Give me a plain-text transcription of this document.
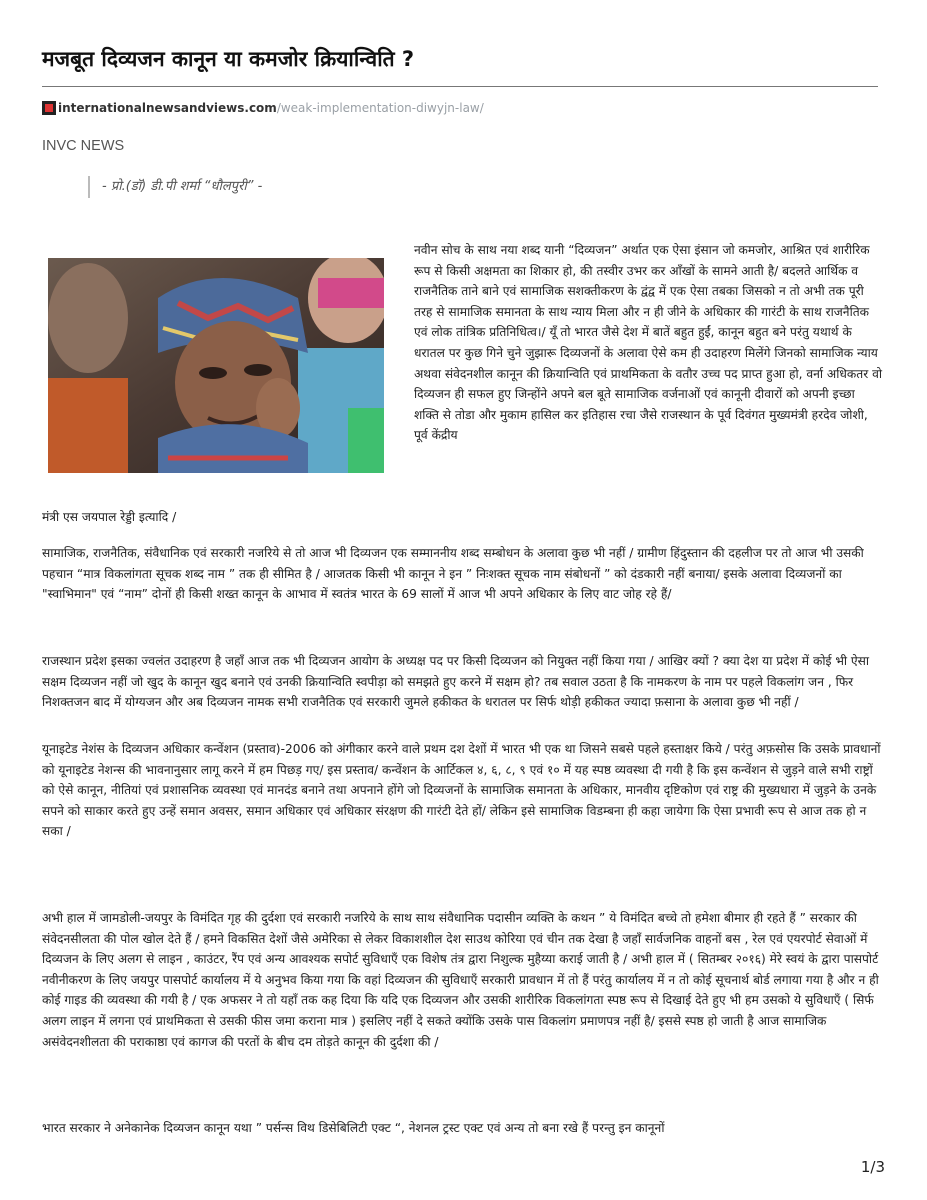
मजबूत दिव्यजन कानून या कमजोर क्रियान्विति ?
internationalnewsandviews.com /weak-implementation-diwyjn-law/
INVC NEWS
- प्रो.(डॉ) डी.पी शर्मा “धौलपुरी” -

नवीन सोच के साथ नया शब्द यानी “दिव्यजन” अर्थात एक ऐसा इंसान जो कमजोर, आश्रित एवं शारीरिक रूप से किसी अक्षमता का शिकार हो, की तस्वीर उभर कर आँखों के सामने आती है/ बदलते आर्थिक व राजनैतिक ताने बाने एवं सामाजिक सशक्तीकरण के द्वंद्व में एक ऐसा तबका जिसको न तो अभी तक पूरी तरह से सामाजिक समानता के साथ न्याय मिला और न ही जीने के अधिकार की गारंटी के साथ राजनैतिक एवं लोक तांत्रिक प्रतिनिधित्व।/ यूँ तो भारत जैसे देश में बातें बहुत हुईं, कानून बहुत बने परंतु यथार्थ के धरातल पर कुछ गिने चुने जुझारू दिव्यजनों के अलावा ऐसे कम ही उदाहरण मिलेंगे जिनको सामाजिक न्याय अथवा संवेदनशील कानून की क्रियान्विति एवं प्राथमिकता के वतौर उच्च पद प्राप्त हुआ हो, वर्ना अधिकतर वो दिव्यजन ही सफल हुए जिन्होंने अपने बल बूते सामाजिक वर्जनाओं एवं कानूनी दीवारों को अपनी इच्छा शक्ति से तोडा और मुकाम हासिल कर इतिहास रचा जैसे राजस्थान के पूर्व दिवंगत मुख्यमंत्री हरदेव जोशी, पूर्व केंद्रीय

मंत्री एस जयपाल रेड्डी इत्यादि /

सामाजिक, राजनैतिक, संवैधानिक एवं सरकारी नजरिये से तो आज भी दिव्यजन एक सम्माननीय शब्द सम्बोधन के अलावा कुछ भी नहीं / ग्रामीण हिंदुस्तान की दहलीज पर तो आज भी उसकी पहचान “मात्र विकलांगता सूचक शब्द नाम ” तक ही सीमित है / आजतक किसी भी कानून ने इन ” निःशक्त सूचक नाम संबोधनों ” को दंडकारी नहीं बनाया/ इसके अलावा दिव्यजनों का "स्वाभिमान" एवं “नाम” दोनों ही किसी शख्त कानून के आभाव में स्वतंत्र भारत के 69 सालों में आज भी अपने अधिकार के लिए वाट जोह रहे हैं/

राजस्थान प्रदेश इसका ज्वलंत उदाहरण है जहाँ आज तक भी दिव्यजन आयोग के अध्यक्ष पद पर किसी दिव्यजन को नियुक्त नहीं किया गया / आखिर क्यों ? क्या देश या प्रदेश में कोई भी ऐसा सक्षम दिव्यजन नहीं जो खुद के कानून खुद बनाने एवं उनकी क्रियान्विति स्वपीड़ा को समझते हुए करने में सक्षम हो? तब सवाल उठता है कि नामकरण के नाम पर पहले विकलांग जन , फिर निशक्तजन बाद में योग्यजन और अब दिव्यजन नामक सभी राजनैतिक एवं सरकारी जुमले हकीकत के धरातल पर सिर्फ थोड़ी हकीकत ज्यादा फ़साना के अलावा कुछ भी नहीं /

यूनाइटेड नेशंस के दिव्यजन अधिकार कन्वेंशन (प्रस्ताव)-2006 को अंगीकार करने वाले प्रथम दश देशों में भारत भी एक था जिसने सबसे पहले हस्ताक्षर किये / परंतु अफ़सोस कि उसके प्रावधानों को यूनाइटेड नेशन्स की भावनानुसार लागू करने में हम पिछड़ गए/ इस प्रस्ताव/ कन्वेंशन के आर्टिकल ४, ६, ८, ९ एवं १० में यह स्पष्ठ व्यवस्था दी गयी है कि इस कन्वेंशन से जुड़ने वाले सभी राष्ट्रों को ऐसे कानून, नीतियां एवं प्रशासनिक व्यवस्था एवं मानदंड बनाने तथा अपनाने होंगे जो दिव्यजनों के सामाजिक समानता के अधिकार, मानवीय दृष्टिकोण एवं राष्ट्र की मुख्यधारा में जुड़ने के उनके सपने को साकार करते हुए उन्हें समान अवसर, समान अधिकार एवं अधिकार संरक्षण की गारंटी देते हों/ लेकिन इसे सामाजिक विडम्बना ही कहा जायेगा कि ऐसा प्रभावी रूप से आज तक हो न सका /

अभी हाल में जामडोली-जयपुर के विमंदित गृह की दुर्दशा एवं सरकारी नजरिये के साथ साथ संवैधानिक पदासीन व्यक्ति के कथन ” ये विमंदित बच्चे तो हमेशा बीमार ही रहते हैं ” सरकार की संवेदनसीलता की पोल खोल देते हैं / हमने विकसित देशों जैसे अमेरिका से लेकर विकाशशील देश साउथ कोरिया एवं चीन तक देखा है जहाँ सार्वजनिक वाहनों बस , रेल एवं एयरपोर्ट सेवाओं में दिव्यजन के लिए अलग से लाइन , काउंटर, रैंप एवं अन्य आवश्यक सपोर्ट सुविधाएँ एक विशेष तंत्र द्वारा निशुल्क मुहैय्या कराई जाती है / अभी हाल में ( सितम्बर २०१६) मेरे स्वयं के द्वारा पासपोर्ट नवीनीकरण के लिए जयपुर पासपोर्ट कार्यालय में ये अनुभव किया गया कि वहां दिव्यजन की सुविधाएँ सरकारी प्रावधान में तो हैं परंतु कार्यालय में न तो कोई सूचनार्थ बोर्ड लगाया गया है और न ही कोई गाइड की व्यवस्था की गयी है / एक अफसर ने तो यहाँ तक कह दिया कि यदि एक दिव्यजन और उसकी शारीरिक विकलांगता स्पष्ठ रूप से दिखाई देते हुए भी हम उसको ये सुविधाएँ ( सिर्फ अलग लाइन में लगना एवं प्राथमिकता से उसकी फीस जमा कराना मात्र ) इसलिए नहीं दे सकते क्योंकि उसके पास विकलांग प्रमाणपत्र नहीं है/ इससे स्पष्ठ हो जाती है आज सामाजिक असंवेदनशीलता की पराकाष्ठा एवं कागज की परतों के बीच दम तोड़ते कानून की दुर्दशा की /

भारत सरकार ने अनेकानेक दिव्यजन कानून यथा ” पर्सन्स विथ डिसेबिलिटी एक्ट “, नेशनल ट्रस्ट एक्ट एवं अन्य तो बना रखे हैं परन्तु इन कानूनों

1/3
